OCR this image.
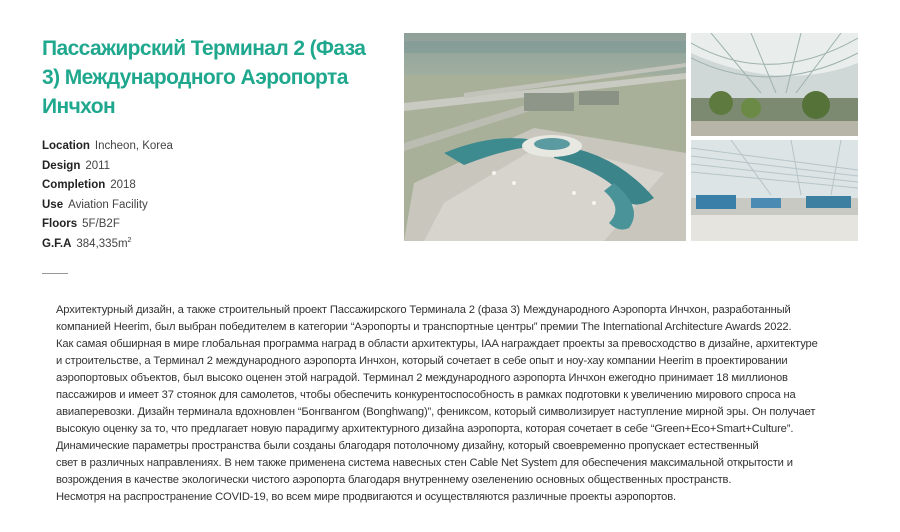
Пассажирский Терминал 2 (Фаза 3) Международного Аэропорта Инчхон
Location Incheon, Korea
Design 2011
Completion 2018
Use Aviation Facility
Floors 5F/B2F
G.F.A $384,335m^2$
Архитектурный дизайн, а также строительный проект Пассажирского Терминала 2 (фаза 3) Международного Аэропорта Инчхон, разработанный
компанией Heerim, был выбран победителем в категории “Аэропорты и транспортные центры” премии The International Architecture Awards 2022.
Как самая обширная в мире глобальная программа наград в области архитектуры, IAA награждает проекты за превосходство в дизайне, архитектуре
и строительстве, а Терминал 2 международного аэропорта Инчхон, который сочетает в себе опыт и ноу-хау компании Heerim в проектировании
аэропортовых объектов, был высоко оценен этой наградой. Терминал 2 международного аэропорта Инчхон ежегодно принимает 18 миллионов
пассажиров и имеет 37 стоянок для самолетов, чтобы обеспечить конкурентоспособность в рамках подготовки к увеличению мирового спроса на
авиаперевозки. Дизайн терминала вдохновлен “Бонгвангом (Bonghwang)”, фениксом, который символизирует наступление мирной эры. Он получает
высокую оценку за то, что предлагает новую парадигму архитектурного дизайна аэропорта, которая сочетает в себе “Green+Eco+Smart+Culture”.
Динамические параметры пространства были созданы благодаря потолочному дизайну, который своевременно пропускает естественный
свет в различных направлениях. В нем также применена система навесных стен Cable Net System для обеспечения максимальной открытости и
возрождения в качестве экологически чистого аэропорта благодаря внутреннему озеленению основных общественных пространств.
Несмотря на распространение COVID-19, во всем мире продвигаются и осуществляются различные проекты аэропортов.
